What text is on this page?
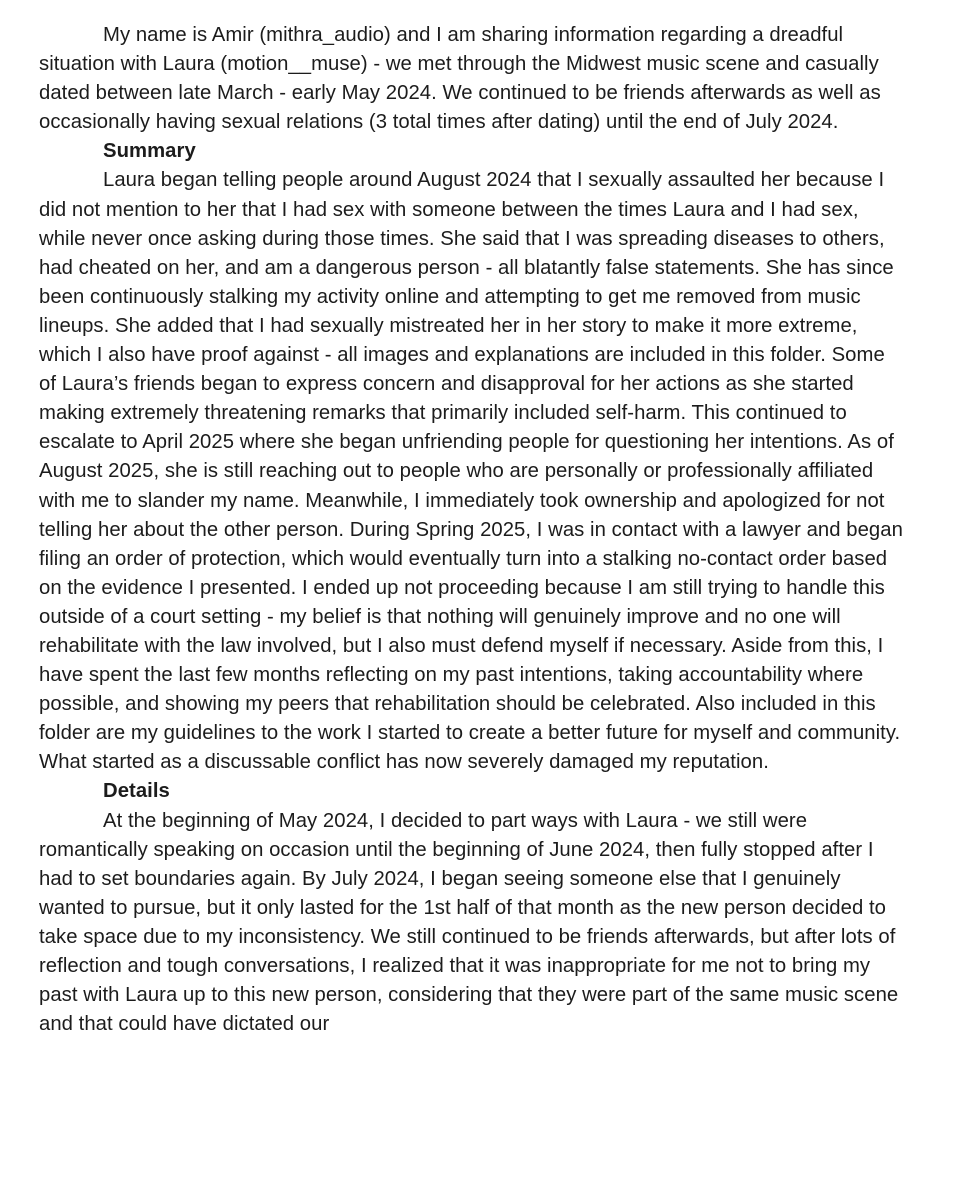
My name is Amir (mithra_audio) and I am sharing information regarding a dreadful situation with Laura (motion__muse) - we met through the Midwest music scene and casually dated between late March - early May 2024. We continued to be friends afterwards as well as occasionally having sexual relations (3 total times after dating) until the end of July 2024.

Summary

Laura began telling people around August 2024 that I sexually assaulted her because I did not mention to her that I had sex with someone between the times Laura and I had sex, while never once asking during those times. She said that I was spreading diseases to others, had cheated on her, and am a dangerous person - all blatantly false statements. She has since been continuously stalking my activity online and attempting to get me removed from music lineups. She added that I had sexually mistreated her in her story to make it more extreme, which I also have proof against - all images and explanations are included in this folder. Some of Laura’s friends began to express concern and disapproval for her actions as she started making extremely threatening remarks that primarily included self-harm. This continued to escalate to April 2025 where she began unfriending people for questioning her intentions. As of August 2025, she is still reaching out to people who are personally or professionally affiliated with me to slander my name. Meanwhile, I immediately took ownership and apologized for not telling her about the other person. During Spring 2025, I was in contact with a lawyer and began filing an order of protection, which would eventually turn into a stalking no-contact order based on the evidence I presented. I ended up not proceeding because I am still trying to handle this outside of a court setting - my belief is that nothing will genuinely improve and no one will rehabilitate with the law involved, but I also must defend myself if necessary. Aside from this, I have spent the last few months reflecting on my past intentions, taking accountability where possible, and showing my peers that rehabilitation should be celebrated. Also included in this folder are my guidelines to the work I started to create a better future for myself and community. What started as a discussable conflict has now severely damaged my reputation.

Details

At the beginning of May 2024, I decided to part ways with Laura - we still were romantically speaking on occasion until the beginning of June 2024, then fully stopped after I had to set boundaries again. By July 2024, I began seeing someone else that I genuinely wanted to pursue, but it only lasted for the 1st half of that month as the new person decided to take space due to my inconsistency. We still continued to be friends afterwards, but after lots of reflection and tough conversations, I realized that it was inappropriate for me not to bring my past with Laura up to this new person, considering that they were part of the same music scene and that could have dictated our
